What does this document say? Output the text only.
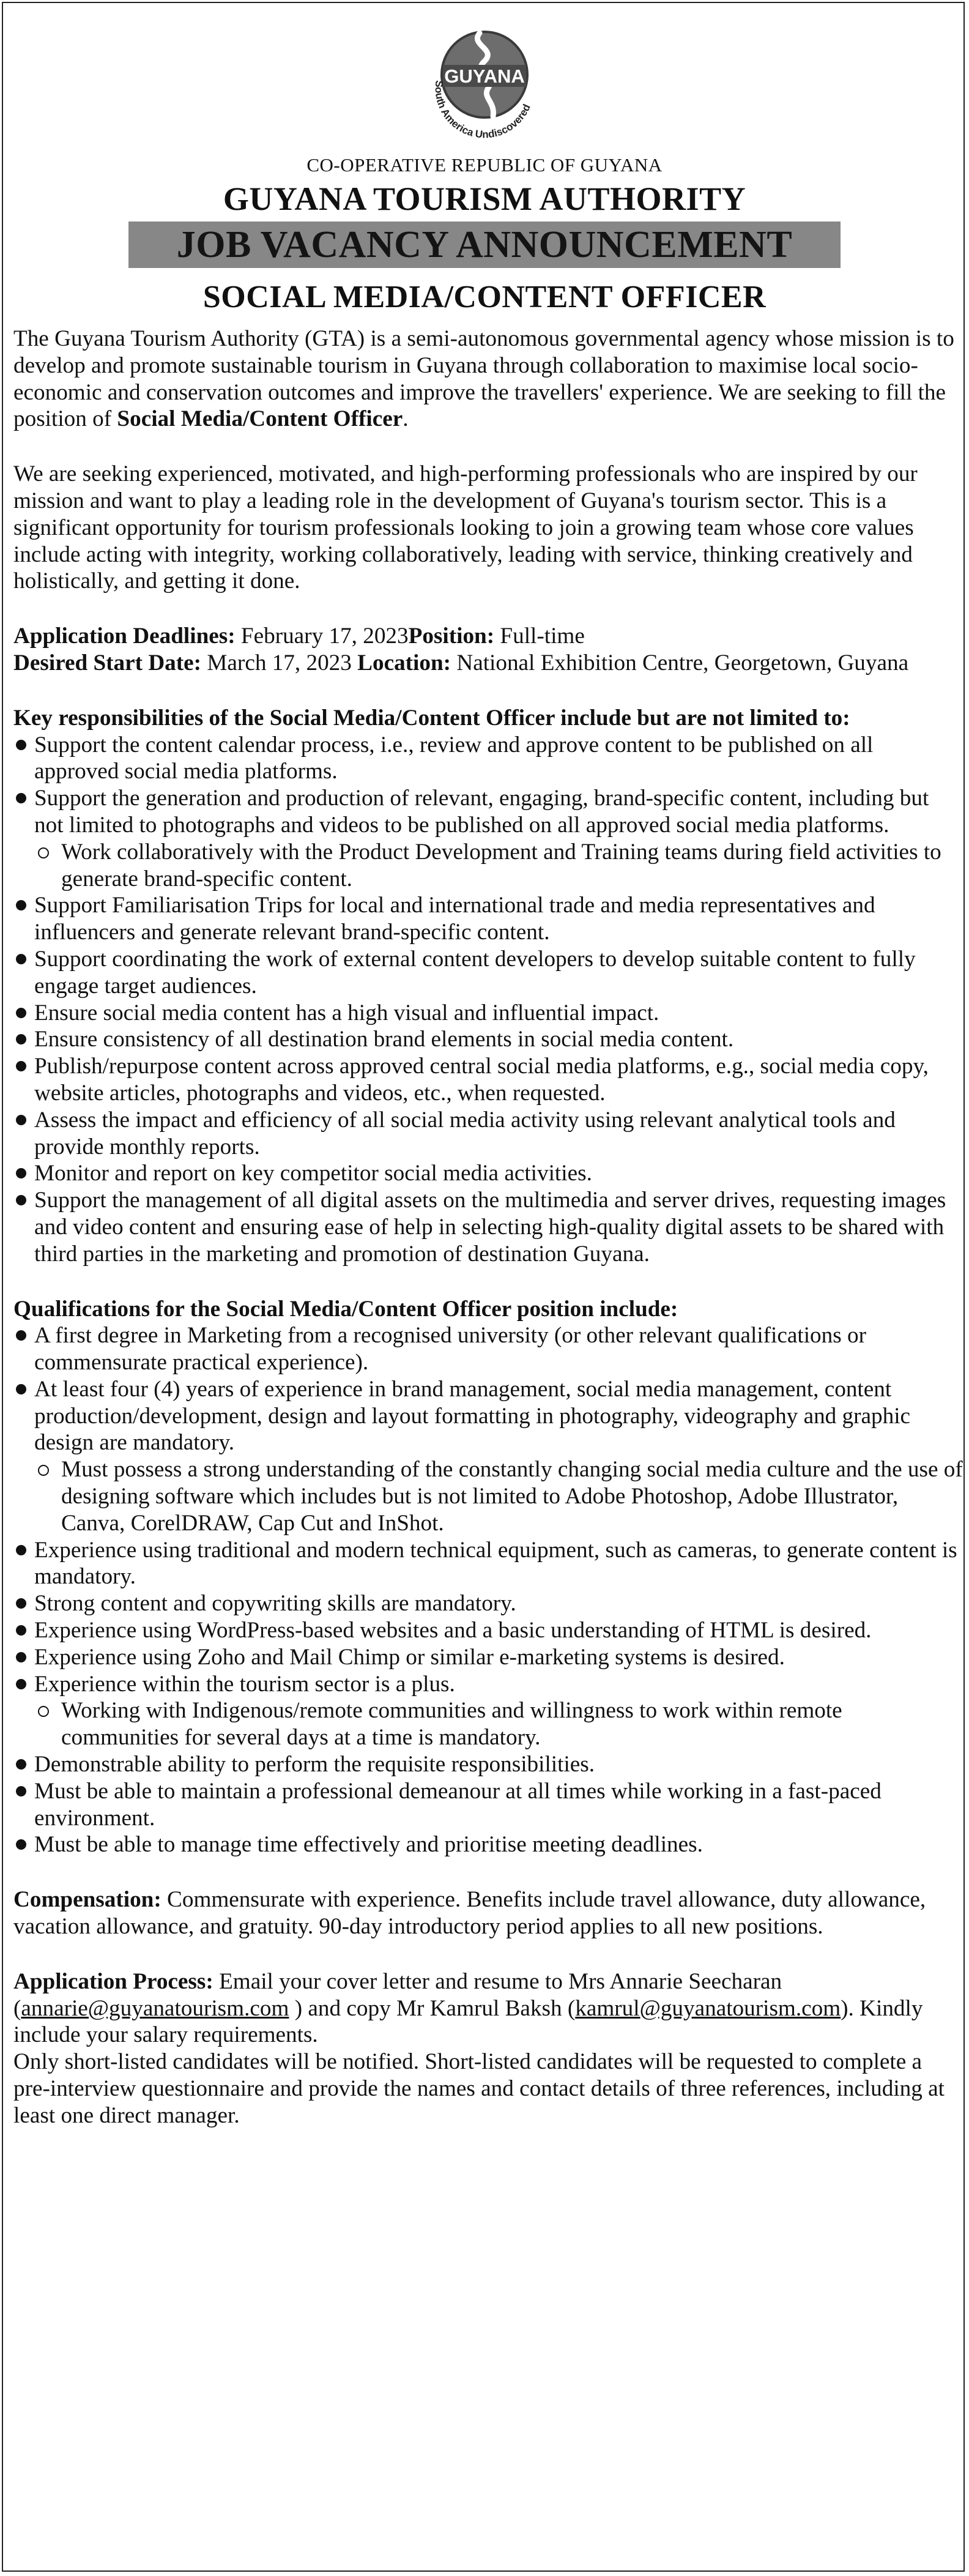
GUYANA
South America Undiscovered
CO-OPERATIVE REPUBLIC OF GUYANA
GUYANA TOURISM AUTHORITY
JOB VACANCY ANNOUNCEMENT
SOCIAL MEDIA/CONTENT OFFICER

The Guyana Tourism Authority (GTA) is a semi-autonomous governmental agency whose mission is to develop and promote sustainable tourism in Guyana through collaboration to maximise local socio-economic and conservation outcomes and improve the travellers' experience. We are seeking to fill the position of Social Media/Content Officer.

We are seeking experienced, motivated, and high-performing professionals who are inspired by our mission and want to play a leading role in the development of Guyana's tourism sector. This is a significant opportunity for tourism professionals looking to join a growing team whose core values include acting with integrity, working collaboratively, leading with service, thinking creatively and holistically, and getting it done.

Application Deadlines: February 17, 2023Position: Full-time
Desired Start Date: March 17, 2023 Location: National Exhibition Centre, Georgetown, Guyana

Key responsibilities of the Social Media/Content Officer include but are not limited to:

Support the content calendar process, i.e., review and approve content to be published on all approved social media platforms.
Support the generation and production of relevant, engaging, brand-specific content, including but not limited to photographs and videos to be published on all approved social media platforms.
Work collaboratively with the Product Development and Training teams during field activities to generate brand-specific content.
Support Familiarisation Trips for local and international trade and media representatives and influencers and generate relevant brand-specific content.
Support coordinating the work of external content developers to develop suitable content to fully engage target audiences.
Ensure social media content has a high visual and influential impact.
Ensure consistency of all destination brand elements in social media content.
Publish/repurpose content across approved central social media platforms, e.g., social media copy, website articles, photographs and videos, etc., when requested.
Assess the impact and efficiency of all social media activity using relevant analytical tools and provide monthly reports.
Monitor and report on key competitor social media activities.
Support the management of all digital assets on the multimedia and server drives, requesting images and video content and ensuring ease of help in selecting high-quality digital assets to be shared with third parties in the marketing and promotion of destination Guyana.

Qualifications for the Social Media/Content Officer position include:

A first degree in Marketing from a recognised university (or other relevant qualifications or commensurate practical experience).
At least four (4) years of experience in brand management, social media management, content production/development, design and layout formatting in photography, videography and graphic design are mandatory.
Must possess a strong understanding of the constantly changing social media culture and the use of designing software which includes but is not limited to Adobe Photoshop, Adobe Illustrator, Canva, CorelDRAW, Cap Cut and InShot.
Experience using traditional and modern technical equipment, such as cameras, to generate content is mandatory.
Strong content and copywriting skills are mandatory.
Experience using WordPress-based websites and a basic understanding of HTML is desired.
Experience using Zoho and Mail Chimp or similar e-marketing systems is desired.
Experience within the tourism sector is a plus.
Working with Indigenous/remote communities and willingness to work within remote communities for several days at a time is mandatory.
Demonstrable ability to perform the requisite responsibilities.
Must be able to maintain a professional demeanour at all times while working in a fast-paced environment.
Must be able to manage time effectively and prioritise meeting deadlines.

Compensation: Commensurate with experience. Benefits include travel allowance, duty allowance, vacation allowance, and gratuity. 90-day introductory period applies to all new positions.

Application Process: Email your cover letter and resume to Mrs Annarie Seecharan (annarie@guyanatourism.com ) and copy Mr Kamrul Baksh (kamrul@guyanatourism.com). Kindly include your salary requirements.

Only short-listed candidates will be notified. Short-listed candidates will be requested to complete a pre-interview questionnaire and provide the names and contact details of three references, including at least one direct manager.
